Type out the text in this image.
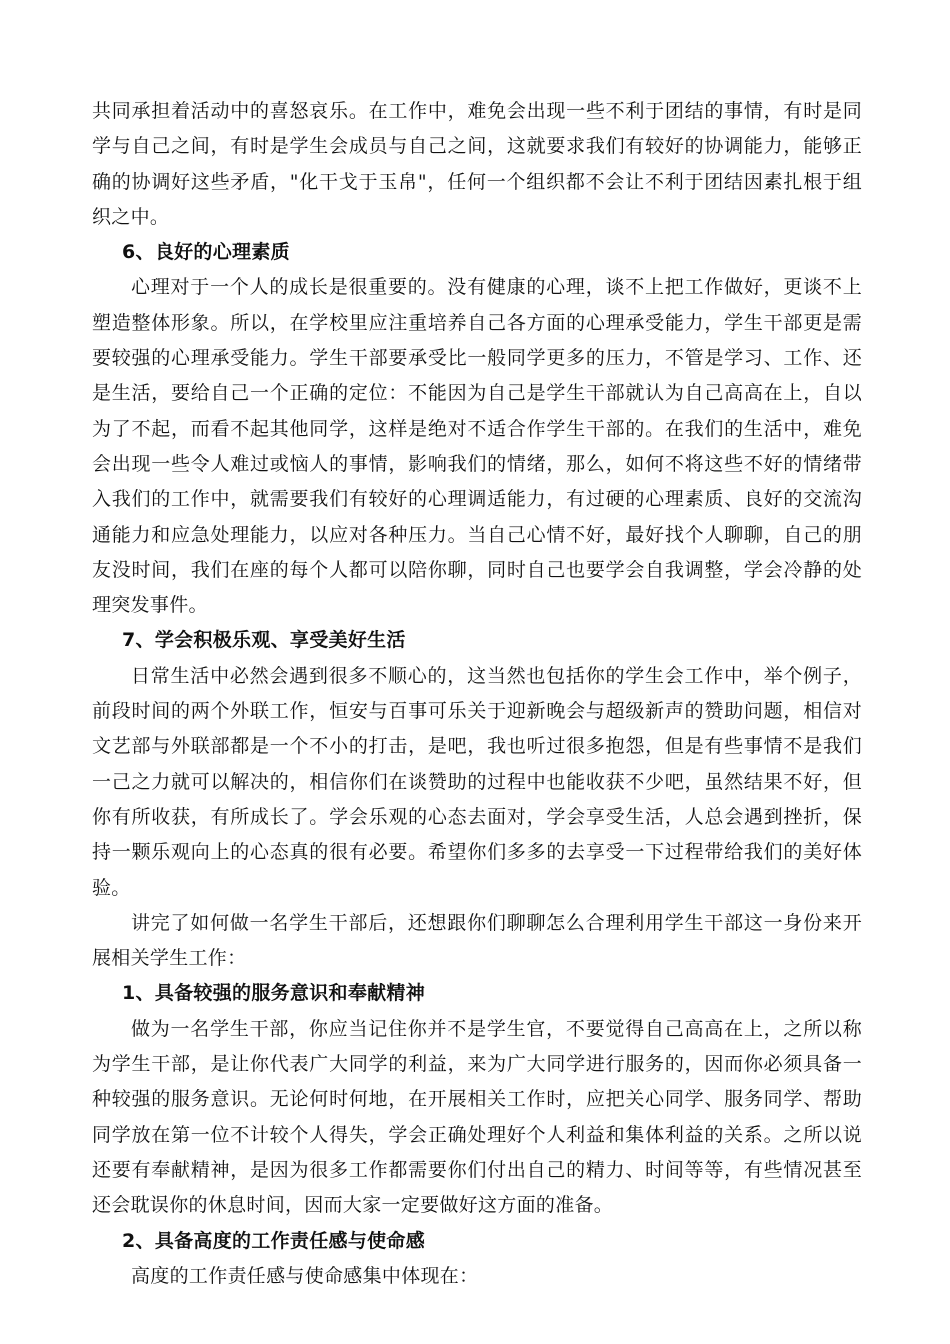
共同承担着活动中的喜怒哀乐。在工作中，难免会出现一些不利于团结的事情，有时是同学与自己之间，有时是学生会成员与自己之间，这就要求我们有较好的协调能力，能够正确的协调好这些矛盾，"化干戈于玉帛"，任何一个组织都不会让不利于团结因素扎根于组织之中。

6、良好的心理素质

心理对于一个人的成长是很重要的。没有健康的心理，谈不上把工作做好，更谈不上塑造整体形象。所以，在学校里应注重培养自己各方面的心理承受能力，学生干部更是需要较强的心理承受能力。学生干部要承受比一般同学更多的压力，不管是学习、工作、还是生活，要给自己一个正确的定位：不能因为自己是学生干部就认为自己高高在上，自以为了不起，而看不起其他同学，这样是绝对不适合作学生干部的。在我们的生活中，难免会出现一些令人难过或恼人的事情，影响我们的情绪，那么，如何不将这些不好的情绪带入我们的工作中，就需要我们有较好的心理调适能力，有过硬的心理素质、良好的交流沟通能力和应急处理能力，以应对各种压力。当自己心情不好，最好找个人聊聊，自己的朋友没时间，我们在座的每个人都可以陪你聊，同时自己也要学会自我调整，学会冷静的处理突发事件。

7、学会积极乐观、享受美好生活

日常生活中必然会遇到很多不顺心的，这当然也包括你的学生会工作中，举个例子，前段时间的两个外联工作，恒安与百事可乐关于迎新晚会与超级新声的赞助问题，相信对文艺部与外联部都是一个不小的打击，是吧，我也听过很多抱怨，但是有些事情不是我们一己之力就可以解决的，相信你们在谈赞助的过程中也能收获不少吧，虽然结果不好，但你有所收获，有所成长了。学会乐观的心态去面对，学会享受生活，人总会遇到挫折，保持一颗乐观向上的心态真的很有必要。希望你们多多的去享受一下过程带给我们的美好体验。

讲完了如何做一名学生干部后，还想跟你们聊聊怎么合理利用学生干部这一身份来开展相关学生工作：

1、具备较强的服务意识和奉献精神

做为一名学生干部，你应当记住你并不是学生官，不要觉得自己高高在上，之所以称为学生干部，是让你代表广大同学的利益，来为广大同学进行服务的，因而你必须具备一种较强的服务意识。无论何时何地，在开展相关工作时，应把关心同学、服务同学、帮助同学放在第一位不计较个人得失，学会正确处理好个人利益和集体利益的关系。之所以说还要有奉献精神，是因为很多工作都需要你们付出自己的精力、时间等等，有些情况甚至还会耽误你的休息时间，因而大家一定要做好这方面的准备。

2、具备高度的工作责任感与使命感

高度的工作责任感与使命感集中体现在：
